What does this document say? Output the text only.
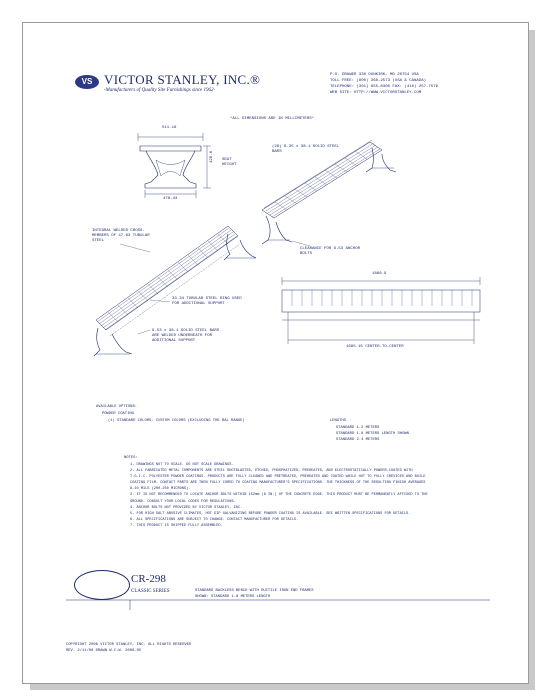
VS VICTOR STANLEY, INC.®
-Manufacturers of Quality Site Furnishings since 1962-
P.O. DRAWER 330 DUNKIRK, MD 20754 USA
TOLL FREE: (800) 368-2573 (USA & CANADA)
TELEPHONE: (301) 855-8300 FAX: (410) 257-7579
WEB SITE: HTTP://WWW.VICTORSTANLEY.COM
*ALL DIMENSIONS ARE IN MILLIMETERS*
511.18
428.8 SEAT HEIGHT
478.43
(28) 6.35 x 38.1 SOLID STEEL BARS
INTEGRAL WELDED CROSS-MEMBERS OF 47.63 TUBULAR STEEL
CLEARANCE FOR 9.53 ANCHOR BOLTS
33.34 TUBULAR STEEL RING USED FOR ADDITIONAL SUPPORT
9.53 x 38.1 SOLID STEEL BARS ARE WELDED UNDERNEATH FOR ADDITIONAL SUPPORT
1866.9
1695.15 CENTER-TO-CENTER
AVAILABLE OPTIONS:
POWDER COATING
(1) STANDARD COLORS, CUSTOM COLORS (EXCLUDING THE RAL RANGE)	LENGTHS
STANDARD 1.2 METERS
STANDARD 1.8 METERS LENGTH SHOWN
STANDARD 2.4 METERS
NOTES:
1. DRAWINGS NOT TO SCALE. DO NOT SCALE DRAWINGS.
2. ALL FABRICATED METAL COMPONENTS ARE STEEL SHOTBLASTED, ETCHED, PHOSPHATIZED, PREHEATED, AND ELECTROSTATICALLY POWDER-COATED WITH T.G.I.C. POLYESTER POWDER COATINGS. PRODUCTS ARE FULLY CLEANED AND PRETREATED, PREHEATED AND COATED WHILE HOT TO FULLY CREVICES AND BUILD COATING FILM. CONTACT PARTS ARE THEN FULLY CURED TO COATING MANUFACTURER'S SPECIFICATIONS. THE THICKNESS OF THE RESULTING FINISH AVERAGES 8-10 MILS (200-250 MICRONS).
3. IT IS NOT RECOMMENDED TO LOCATE ANCHOR BOLTS WITHIN 152mm (6 IN.) OF THE CONCRETE EDGE. THIS PRODUCT MUST BE PERMANENTLY AFFIXED TO THE GROUND. CONSULT YOUR LOCAL CODES FOR REGULATIONS.
4. ANCHOR BOLTS NOT PROVIDED BY VICTOR STANLEY, INC.
5. FOR HIGH SALT ABUSIVE CLIMATES, HOT DIP GALVANIZING BEFORE POWDER COATING IS AVAILABLE. SEE WRITTEN SPECIFICATIONS FOR DETAILS.
6. ALL SPECIFICATIONS ARE SUBJECT TO CHANGE. CONTACT MANUFACTURER FOR DETAILS.
7. THIS PRODUCT IS SHIPPED FULLY ASSEMBLED.
CR-298
CLASSIC SERIES	STANDARD BACKLESS BENCH WITH DUCTILE IRON END FRAMES
SHOWN: STANDARD 1.8 METERS LENGTH
COPYRIGHT 2006 VICTOR STANLEY, INC. ALL RIGHTS RESERVED
REV. 2/11/08 DRAWN W.C.W. 2008-05
